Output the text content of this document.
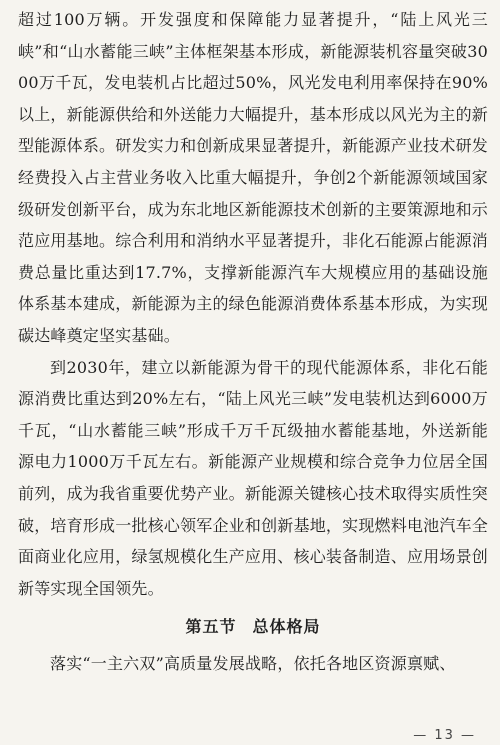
超过100万辆。开发强度和保障能力显著提升，“陆上风光三峡”和“山水蓄能三峡”主体框架基本形成，新能源装机容量突破3000万千瓦，发电装机占比超过50%，风光发电利用率保持在90%以上，新能源供给和外送能力大幅提升，基本形成以风光为主的新型能源体系。研发实力和创新成果显著提升，新能源产业技术研发经费投入占主营业务收入比重大幅提升，争创2个新能源领域国家级研发创新平台，成为东北地区新能源技术创新的主要策源地和示范应用基地。综合利用和消纳水平显著提升，非化石能源占能源消费总量比重达到17.7%，支撑新能源汽车大规模应用的基础设施体系基本建成，新能源为主的绿色能源消费体系基本形成，为实现碳达峰奠定坚实基础。

到2030年，建立以新能源为骨干的现代能源体系，非化石能源消费比重达到20%左右，“陆上风光三峡”发电装机达到6000万千瓦，“山水蓄能三峡”形成千万千瓦级抽水蓄能基地，外送新能源电力1000万千瓦左右。新能源产业规模和综合竞争力位居全国前列，成为我省重要优势产业。新能源关键核心技术取得实质性突破，培育形成一批核心领军企业和创新基地，实现燃料电池汽车全面商业化应用，绿氢规模化生产应用、核心装备制造、应用场景创新等实现全国领先。

第五节 总体格局

落实“一主六双”高质量发展战略，依托各地区资源禀赋、

— 13 —
